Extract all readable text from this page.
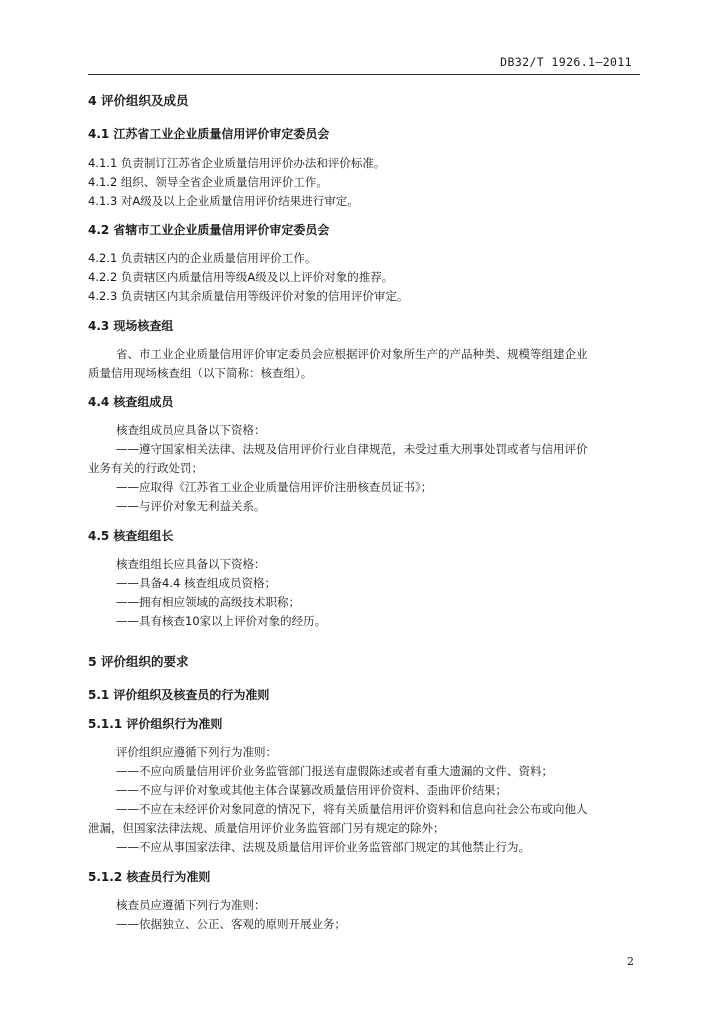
DB32/T 1926.1—2011
4 评价组织及成员
4.1 江苏省工业企业质量信用评价审定委员会
4.1.1 负责制订江苏省企业质量信用评价办法和评价标准。
4.1.2 组织、领导全省企业质量信用评价工作。
4.1.3 对A级及以上企业质量信用评价结果进行审定。
4.2 省辖市工业企业质量信用评价审定委员会
4.2.1 负责辖区内的企业质量信用评价工作。
4.2.2 负责辖区内质量信用等级A级及以上评价对象的推荐。
4.2.3 负责辖区内其余质量信用等级评价对象的信用评价审定。
4.3 现场核查组
省、市工业企业质量信用评价审定委员会应根据评价对象所生产的产品种类、规模等组建企业
质量信用现场核查组（以下简称：核查组）。
4.4 核查组成员
核查组成员应具备以下资格：
——遵守国家相关法律、法规及信用评价行业自律规范，未受过重大刑事处罚或者与信用评价
业务有关的行政处罚；
——应取得《江苏省工业企业质量信用评价注册核查员证书》；
——与评价对象无利益关系。
4.5 核查组组长
核查组组长应具备以下资格：
——具备4.4 核查组成员资格；
——拥有相应领域的高级技术职称；
——具有核查10家以上评价对象的经历。
5 评价组织的要求
5.1 评价组织及核查员的行为准则
5.1.1 评价组织行为准则
评价组织应遵循下列行为准则：
——不应向质量信用评价业务监管部门报送有虚假陈述或者有重大遗漏的文件、资料；
——不应与评价对象或其他主体合谋篡改质量信用评价资料、歪曲评价结果；
——不应在未经评价对象同意的情况下，将有关质量信用评价资料和信息向社会公布或向他人
泄漏，但国家法律法规、质量信用评价业务监管部门另有规定的除外；
——不应从事国家法律、法规及质量信用评价业务监管部门规定的其他禁止行为。
5.1.2 核查员行为准则
核查员应遵循下列行为准则：
——依据独立、公正、客观的原则开展业务；
2
